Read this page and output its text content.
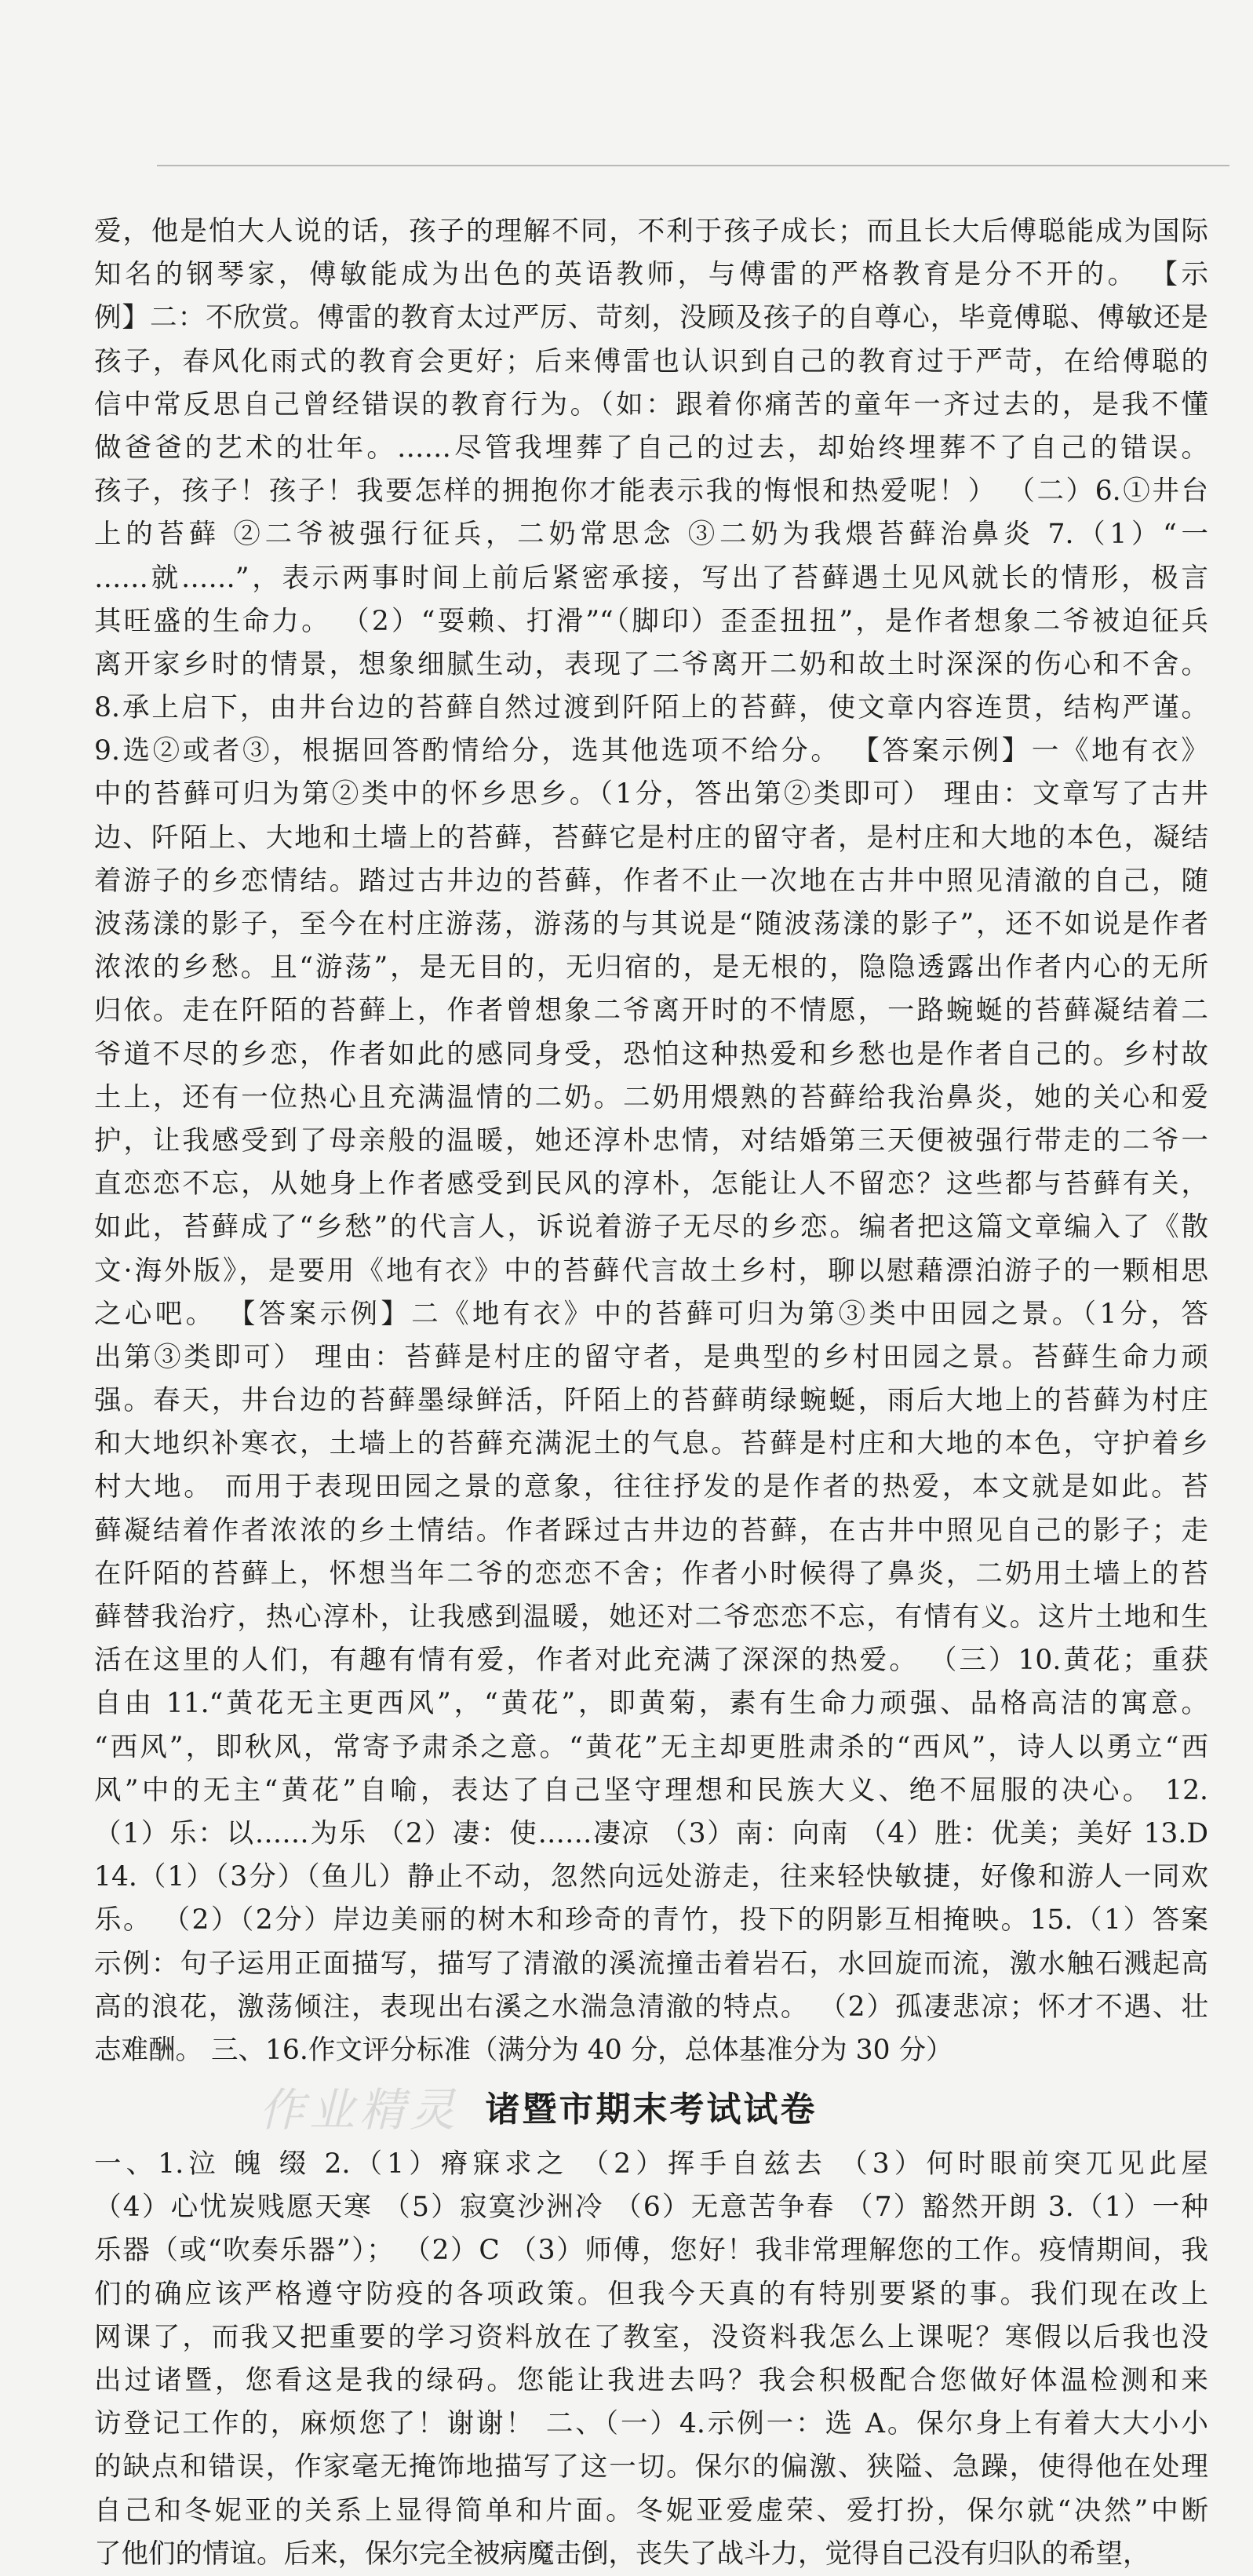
爱，他是怕大人说的话，孩子的理解不同，不利于孩子成长；而且长大后傅聪能成为国际

知名的钢琴家，傅敏能成为出色的英语教师，与傅雷的严格教育是分不开的。 【示

例】二：不欣赏。傅雷的教育太过严厉、苛刻，没顾及孩子的自尊心，毕竟傅聪、傅敏还是

孩子，春风化雨式的教育会更好；后来傅雷也认识到自己的教育过于严苛，在给傅聪的

信中常反思自己曾经错误的教育行为。（如：跟着你痛苦的童年一齐过去的，是我不懂

做爸爸的艺术的壮年。……尽管我埋葬了自己的过去，却始终埋葬不了自己的错误。

孩子，孩子！孩子！我要怎样的拥抱你才能表示我的悔恨和热爱呢！） （二）6.①井台

上的苔藓 ②二爷被强行征兵，二奶常思念 ③二奶为我煨苔藓治鼻炎 7.（1）“一

……就……”，表示两事时间上前后紧密承接，写出了苔藓遇土见风就长的情形，极言

其旺盛的生命力。 （2）“耍赖、打滑”“（脚印）歪歪扭扭”，是作者想象二爷被迫征兵

离开家乡时的情景，想象细腻生动，表现了二爷离开二奶和故土时深深的伤心和不舍。

8.承上启下，由井台边的苔藓自然过渡到阡陌上的苔藓，使文章内容连贯，结构严谨。

9.选②或者③，根据回答酌情给分，选其他选项不给分。 【答案示例】一《地有衣》

中的苔藓可归为第②类中的怀乡思乡。（1分，答出第②类即可） 理由：文章写了古井

边、阡陌上、大地和土墙上的苔藓，苔藓它是村庄的留守者，是村庄和大地的本色，凝结

着游子的乡恋情结。踏过古井边的苔藓，作者不止一次地在古井中照见清澈的自己，随

波荡漾的影子，至今在村庄游荡，游荡的与其说是“随波荡漾的影子”，还不如说是作者

浓浓的乡愁。且“游荡”，是无目的，无归宿的，是无根的，隐隐透露出作者内心的无所

归依。走在阡陌的苔藓上，作者曾想象二爷离开时的不情愿，一路蜿蜒的苔藓凝结着二

爷道不尽的乡恋，作者如此的感同身受，恐怕这种热爱和乡愁也是作者自己的。乡村故

土上，还有一位热心且充满温情的二奶。二奶用煨熟的苔藓给我治鼻炎，她的关心和爱

护，让我感受到了母亲般的温暖，她还淳朴忠情，对结婚第三天便被强行带走的二爷一

直恋恋不忘，从她身上作者感受到民风的淳朴，怎能让人不留恋？这些都与苔藓有关，

如此，苔藓成了“乡愁”的代言人，诉说着游子无尽的乡恋。编者把这篇文章编入了《散

文·海外版》，是要用《地有衣》中的苔藓代言故土乡村，聊以慰藉漂泊游子的一颗相思

之心吧。 【答案示例】二《地有衣》中的苔藓可归为第③类中田园之景。（1分，答

出第③类即可） 理由：苔藓是村庄的留守者，是典型的乡村田园之景。苔藓生命力顽

强。春天，井台边的苔藓墨绿鲜活，阡陌上的苔藓萌绿蜿蜒，雨后大地上的苔藓为村庄

和大地织补寒衣，土墙上的苔藓充满泥土的气息。苔藓是村庄和大地的本色，守护着乡

村大地。 而用于表现田园之景的意象，往往抒发的是作者的热爱，本文就是如此。苔

藓凝结着作者浓浓的乡土情结。作者踩过古井边的苔藓，在古井中照见自己的影子；走

在阡陌的苔藓上，怀想当年二爷的恋恋不舍；作者小时候得了鼻炎，二奶用土墙上的苔

藓替我治疗，热心淳朴，让我感到温暖，她还对二爷恋恋不忘，有情有义。这片土地和生

活在这里的人们，有趣有情有爱，作者对此充满了深深的热爱。 （三）10.黄花；重获

自由 11.“黄花无主更西风”，“黄花”，即黄菊，素有生命力顽强、品格高洁的寓意。

“西风”，即秋风，常寄予肃杀之意。“黄花”无主却更胜肃杀的“西风”，诗人以勇立“西

风”中的无主“黄花”自喻，表达了自己坚守理想和民族大义、绝不屈服的决心。 12.

（1）乐：以……为乐 （2）凄：使……凄凉 （3）南：向南 （4）胜：优美；美好 13.D

14.（1）（3分）（鱼儿）静止不动，忽然向远处游走，往来轻快敏捷，好像和游人一同欢

乐。 （2）（2分）岸边美丽的树木和珍奇的青竹，投下的阴影互相掩映。15.（1）答案

示例：句子运用正面描写，描写了清澈的溪流撞击着岩石，水回旋而流，激水触石溅起高

高的浪花，激荡倾注，表现出右溪之水湍急清澈的特点。 （2）孤凄悲凉；怀才不遇、壮

志难酬。 三、16.作文评分标准（满分为 40 分，总体基准分为 30 分）

作业精灵 诸暨市期末考试试卷

一、1.泣 魄 缀 2.（1）瘠寐求之 （2）挥手自兹去 （3）何时眼前突兀见此屋

（4）心忧炭贱愿天寒 （5）寂寞沙洲冷 （6）无意苦争春 （7）豁然开朗 3.（1）一种

乐器（或“吹奏乐器”）； （2）C （3）师傅，您好！我非常理解您的工作。疫情期间，我

们的确应该严格遵守防疫的各项政策。但我今天真的有特别要紧的事。我们现在改上

网课了，而我又把重要的学习资料放在了教室，没资料我怎么上课呢？寒假以后我也没

出过诸暨，您看这是我的绿码。您能让我进去吗？我会积极配合您做好体温检测和来

访登记工作的，麻烦您了！谢谢！ 二、（一）4.示例一：选 A。保尔身上有着大大小小

的缺点和错误，作家毫无掩饰地描写了这一切。保尔的偏激、狭隘、急躁，使得他在处理

自己和冬妮亚的关系上显得简单和片面。冬妮亚爱虚荣、爱打扮，保尔就“决然”中断

了他们的情谊。后来，保尔完全被病魔击倒，丧失了战斗力，觉得自己没有归队的希望，
